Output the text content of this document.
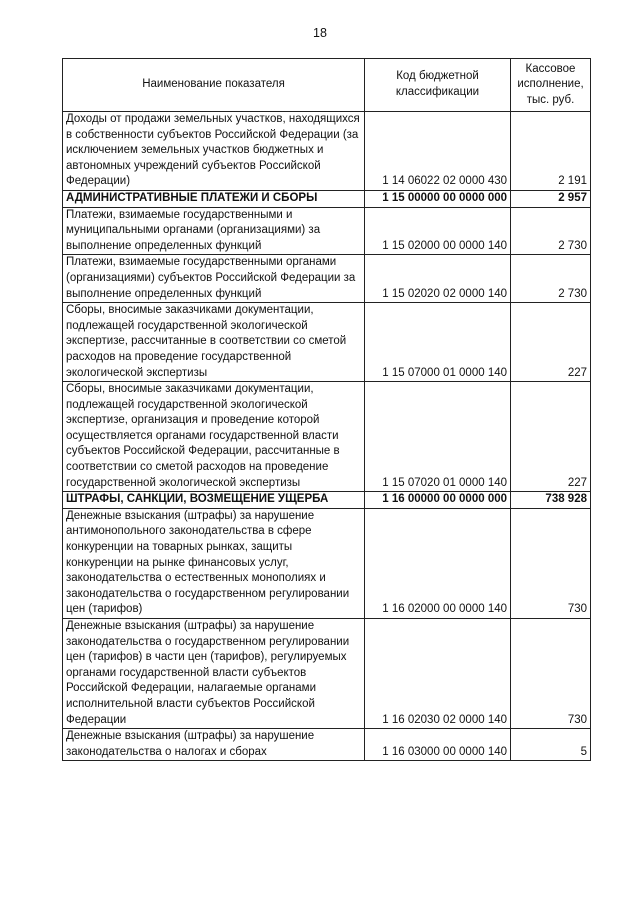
18
Наименование показателя	Код бюджетной классификации	Кассовое исполнение, тыс. руб.
Доходы от продажи земельных участков, находящихся в собственности субъектов Российской Федерации (за исключением земельных участков бюджетных и автономных учреждений субъектов Российской Федерации)	1 14 06022 02 0000 430	2 191
АДМИНИСТРАТИВНЫЕ ПЛАТЕЖИ И СБОРЫ	1 15 00000 00 0000 000	2 957
Платежи, взимаемые государственными и муниципальными органами (организациями) за выполнение определенных функций	1 15 02000 00 0000 140	2 730
Платежи, взимаемые государственными органами (организациями) субъектов Российской Федерации за выполнение определенных функций	1 15 02020 02 0000 140	2 730
Сборы, вносимые заказчиками документации, подлежащей государственной экологической экспертизе, рассчитанные в соответствии со сметой расходов на проведение государственной экологической экспертизы	1 15 07000 01 0000 140	227
Сборы, вносимые заказчиками документации, подлежащей государственной экологической экспертизе, организация и проведение которой осуществляется органами государственной власти субъектов Российской Федерации, рассчитанные в соответствии со сметой расходов на проведение государственной экологической экспертизы	1 15 07020 01 0000 140	227
ШТРАФЫ, САНКЦИИ, ВОЗМЕЩЕНИЕ УЩЕРБА	1 16 00000 00 0000 000	738 928
Денежные взыскания (штрафы) за нарушение антимонопольного законодательства в сфере конкуренции на товарных рынках, защиты конкуренции на рынке финансовых услуг, законодательства о естественных монополиях и законодательства о государственном регулировании цен (тарифов)	1 16 02000 00 0000 140	730
Денежные взыскания (штрафы) за нарушение законодательства о государственном регулировании цен (тарифов) в части цен (тарифов), регулируемых органами государственной власти субъектов Российской Федерации, налагаемые органами исполнительной власти субъектов Российской Федерации	1 16 02030 02 0000 140	730
Денежные взыскания (штрафы) за нарушение законодательства о налогах и сборах	1 16 03000 00 0000 140	5
